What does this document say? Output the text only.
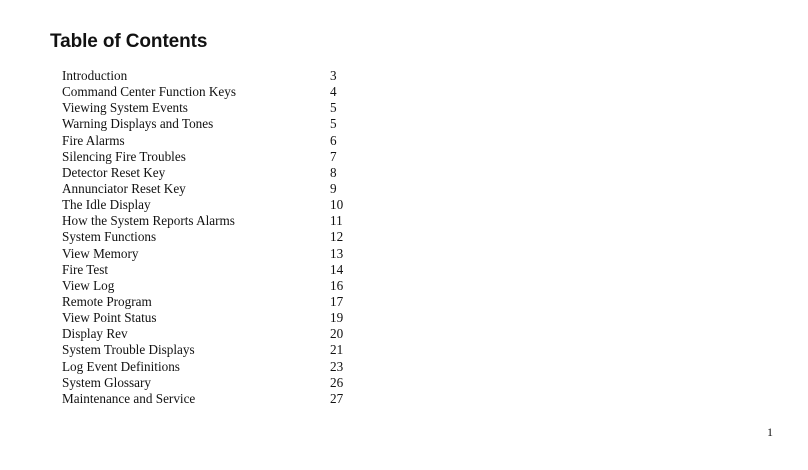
Table of Contents
Introduction	3
Command Center Function Keys	4
Viewing System Events	5
Warning Displays and Tones	5
Fire Alarms	6
Silencing Fire Troubles	7
Detector Reset Key	8
Annunciator Reset Key	9
The Idle Display	10
How the System Reports Alarms	11
System Functions	12
View Memory	13
Fire Test	14
View Log	16
Remote Program	17
View Point Status	19
Display Rev	20
System Trouble Displays	21
Log Event Definitions	23
System Glossary	26
Maintenance and Service	27
1
